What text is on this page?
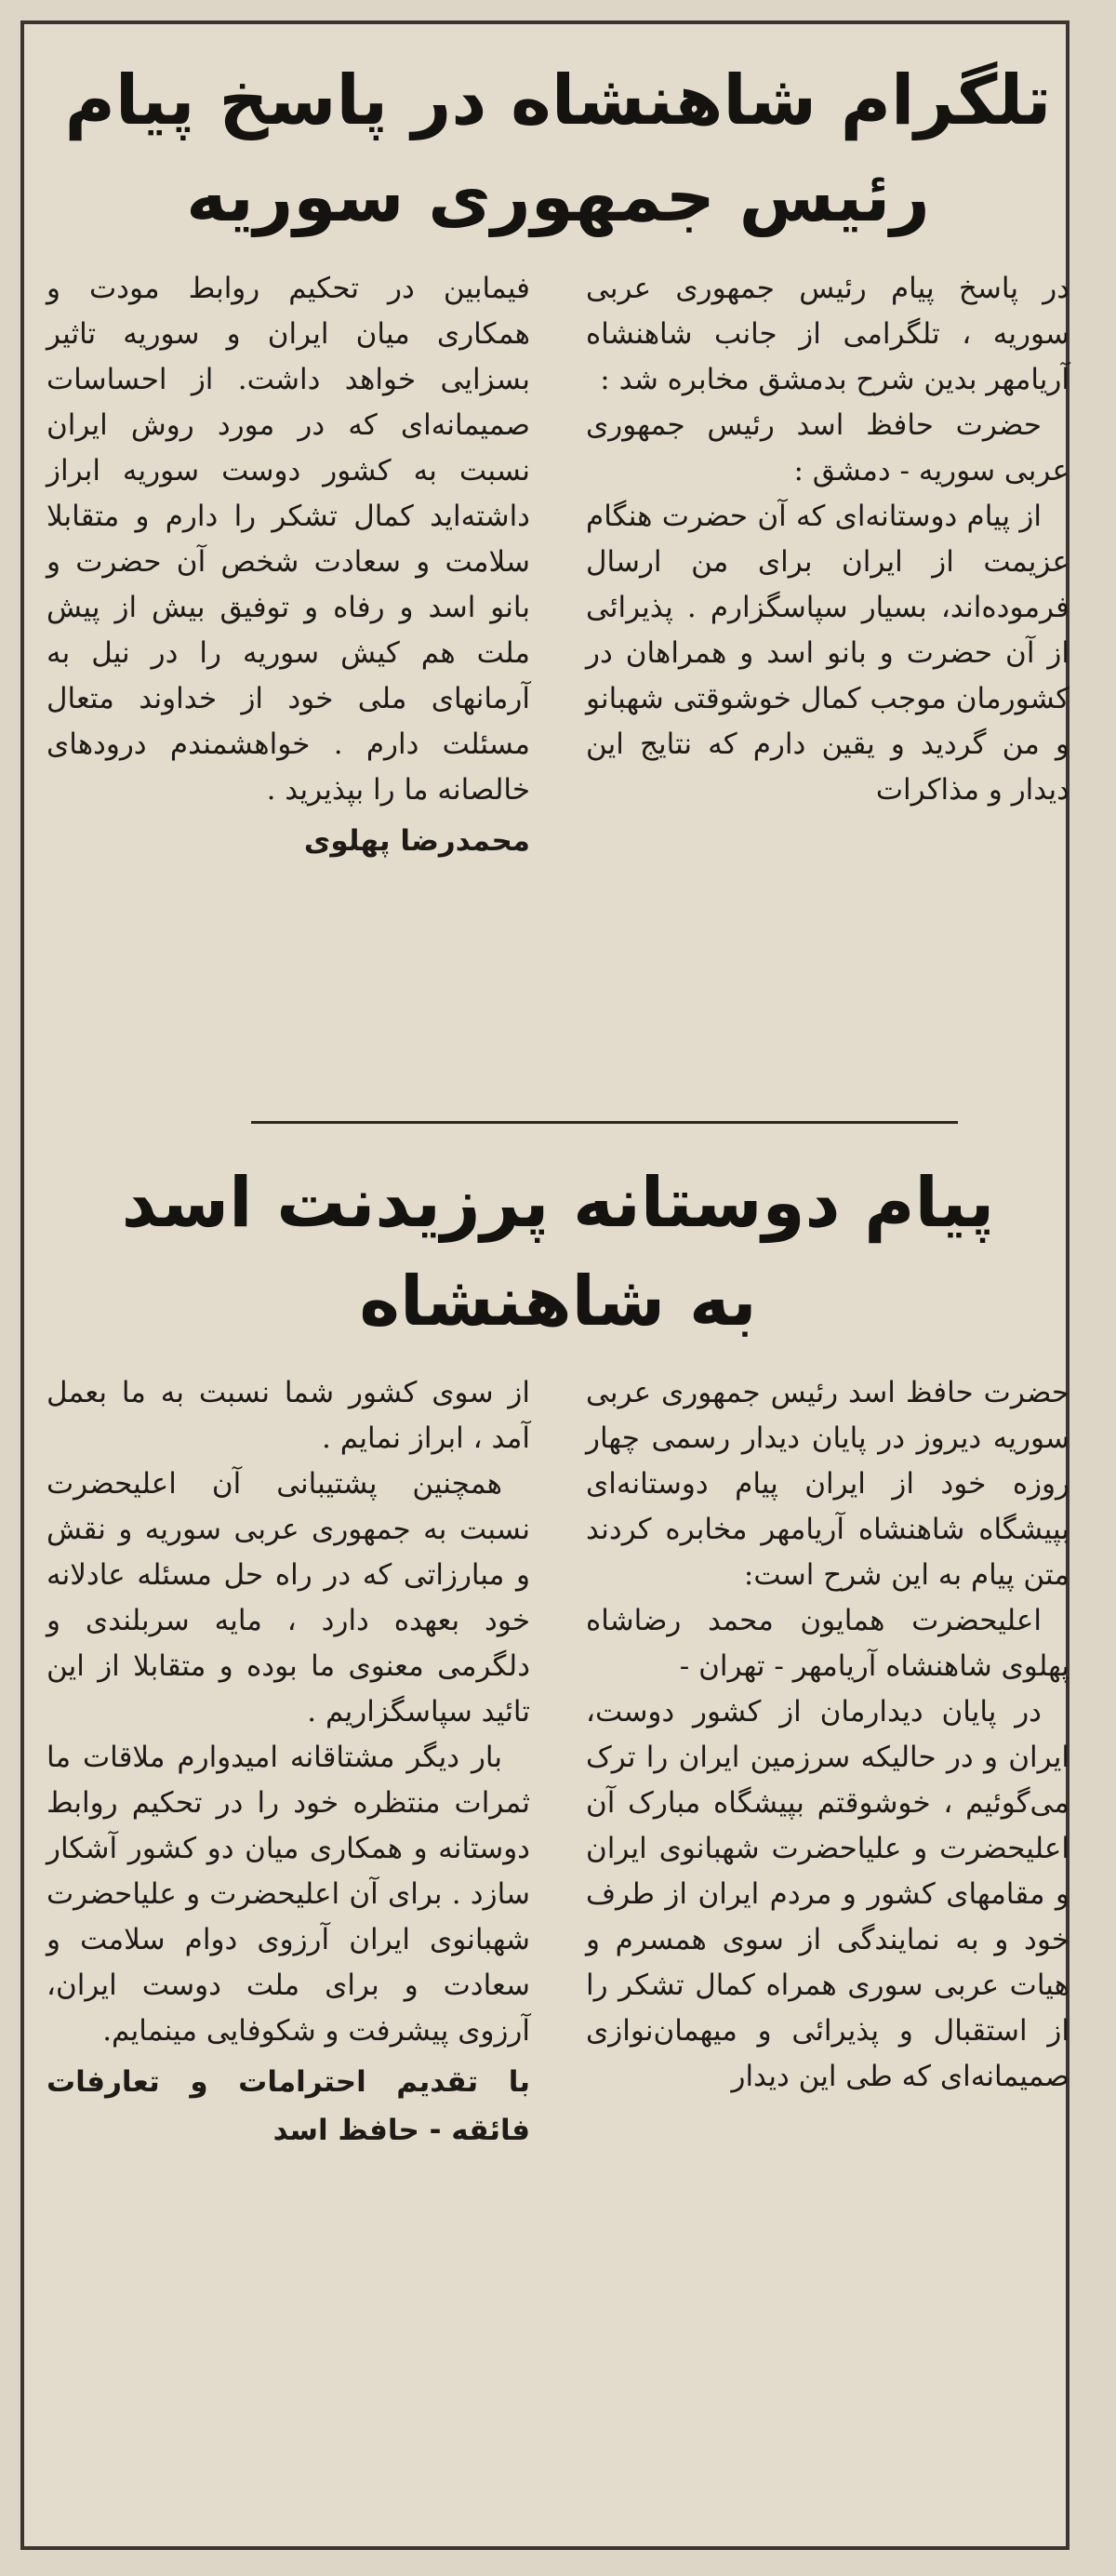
تلگرام شاهنشاه در پاسخ پیام
رئیس جمهوری سوریه

در پاسخ پیام رئیس جمهوری عربی سوریه ، تلگرامی از جانب شاهنشاه آریامهر بدین شرح بدمشق مخابره شد :

حضرت حافظ اسد رئیس جمهوری عربی سوریه - دمشق :

از پیام دوستانه‌ای که آن حضرت هنگام عزیمت از ایران برای من ارسال فرموده‌اند، بسیار سپاسگزارم . پذیرائی از آن حضرت و بانو اسد و همراهان در کشورمان موجب کمال خوشوقتی شهبانو و من گردید و یقین دارم که نتایج این دیدار و مذاکرات

فیمابین در تحکیم روابط مودت و همکاری میان ایران و سوریه تاثیر بسزایی خواهد داشت. از احساسات صمیمانه‌ای که در مورد روش ایران نسبت به کشور دوست سوریه ابراز داشته‌اید کمال تشکر را دارم و متقابلا سلامت و سعادت شخص آن حضرت و بانو اسد و رفاه و توفیق بیش از پیش ملت هم کیش سوریه را در نیل به آرمانهای ملی خود از خداوند متعال مسئلت دارم . خواهشمندم درودهای خالصانه ما را بپذیرید .

محمدرضا پهلوی
پیام دوستانه پرزیدنت اسد
به شاهنشاه

حضرت حافظ اسد رئیس جمهوری عربی سوریه دیروز در پایان دیدار رسمی چهار روزه خود از ایران پیام دوستانه‌ای بپیشگاه شاهنشاه آریامهر مخابره کردند متن پیام به این شرح است:

اعلیحضرت همایون محمد رضاشاه پهلوی شاهنشاه آریامهر - تهران -

در پایان دیدارمان از کشور دوست، ایران و در حالیکه سرزمین ایران را ترک می‌گوئیم ، خوشوقتم بپیشگاه مبارک آن اعلیحضرت و علیاحضرت شهبانوی ایران و مقامهای کشور و مردم ایران از طرف خود و به نمایندگی از سوی همسرم و هیات عربی سوری همراه کمال تشکر را از استقبال و پذیرائی و میهمان‌نوازی صمیمانه‌ای که طی این دیدار

از سوی کشور شما نسبت به ما بعمل آمد ، ابراز نمایم .

همچنین پشتیبانی آن اعلیحضرت نسبت به جمهوری عربی سوریه و نقش و مبارزاتی که در راه حل مسئله عادلانه خود بعهده دارد ، مایه سربلندی و دلگرمی معنوی ما بوده و متقابلا از این تائید سپاسگزاریم .

بار دیگر مشتاقانه امیدوارم ملاقات ما ثمرات منتظره خود را در تحکیم روابط دوستانه و همکاری میان دو کشور آشکار سازد . برای آن اعلیحضرت و علیاحضرت شهبانوی ایران آرزوی دوام سلامت و سعادت و برای ملت دوست ایران، آرزوی پیشرفت و شکوفایی مینمایم.

با تقدیم احترامات و تعارفات فائقه - حافظ اسد
